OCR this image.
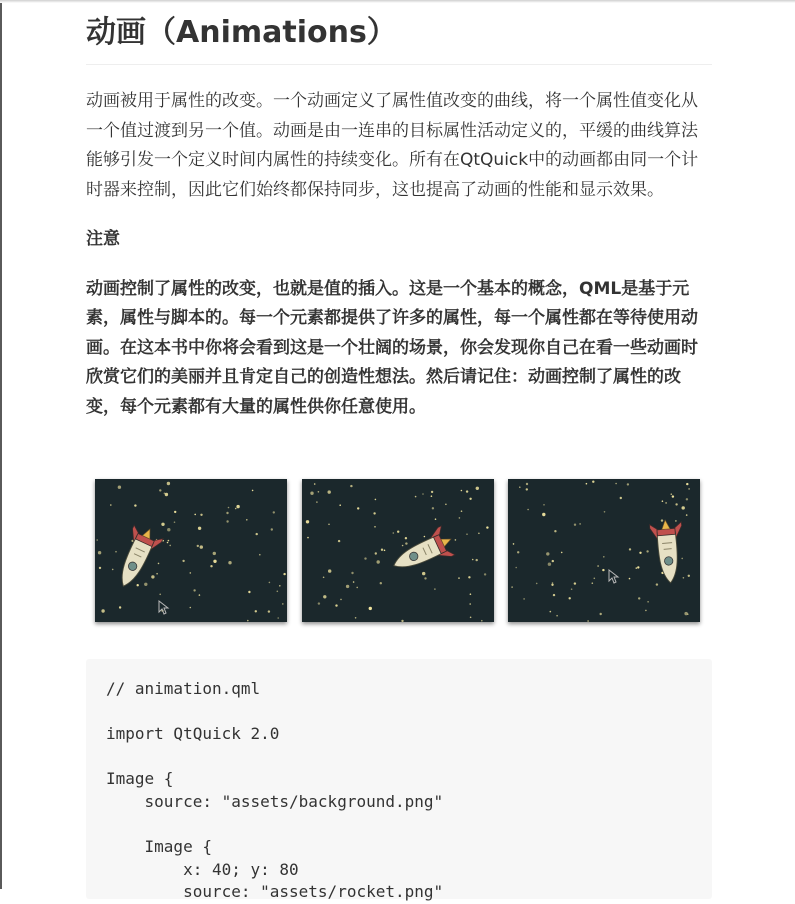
动画（Animations）

动画被用于属性的改变。一个动画定义了属性值改变的曲线，将一个属性值变化从一个值过渡到另一个值。动画是由一连串的目标属性活动定义的，平缓的曲线算法能够引发一个定义时间内属性的持续变化。所有在QtQuick中的动画都由同一个计时器来控制，因此它们始终都保持同步，这也提高了动画的性能和显示效果。

注意

动画控制了属性的改变，也就是值的插入。这是一个基本的概念，QML是基于元素，属性与脚本的。每一个元素都提供了许多的属性，每一个属性都在等待使用动画。在这本书中你将会看到这是一个壮阔的场景，你会发现你自己在看一些动画时欣赏它们的美丽并且肯定自己的创造性想法。然后请记住：动画控制了属性的改变，每个元素都有大量的属性供你任意使用。

// animation.qml

import QtQuick 2.0

Image {
source: "assets/background.png"

Image {
x: 40; y: 80
source: "assets/rocket.png"
